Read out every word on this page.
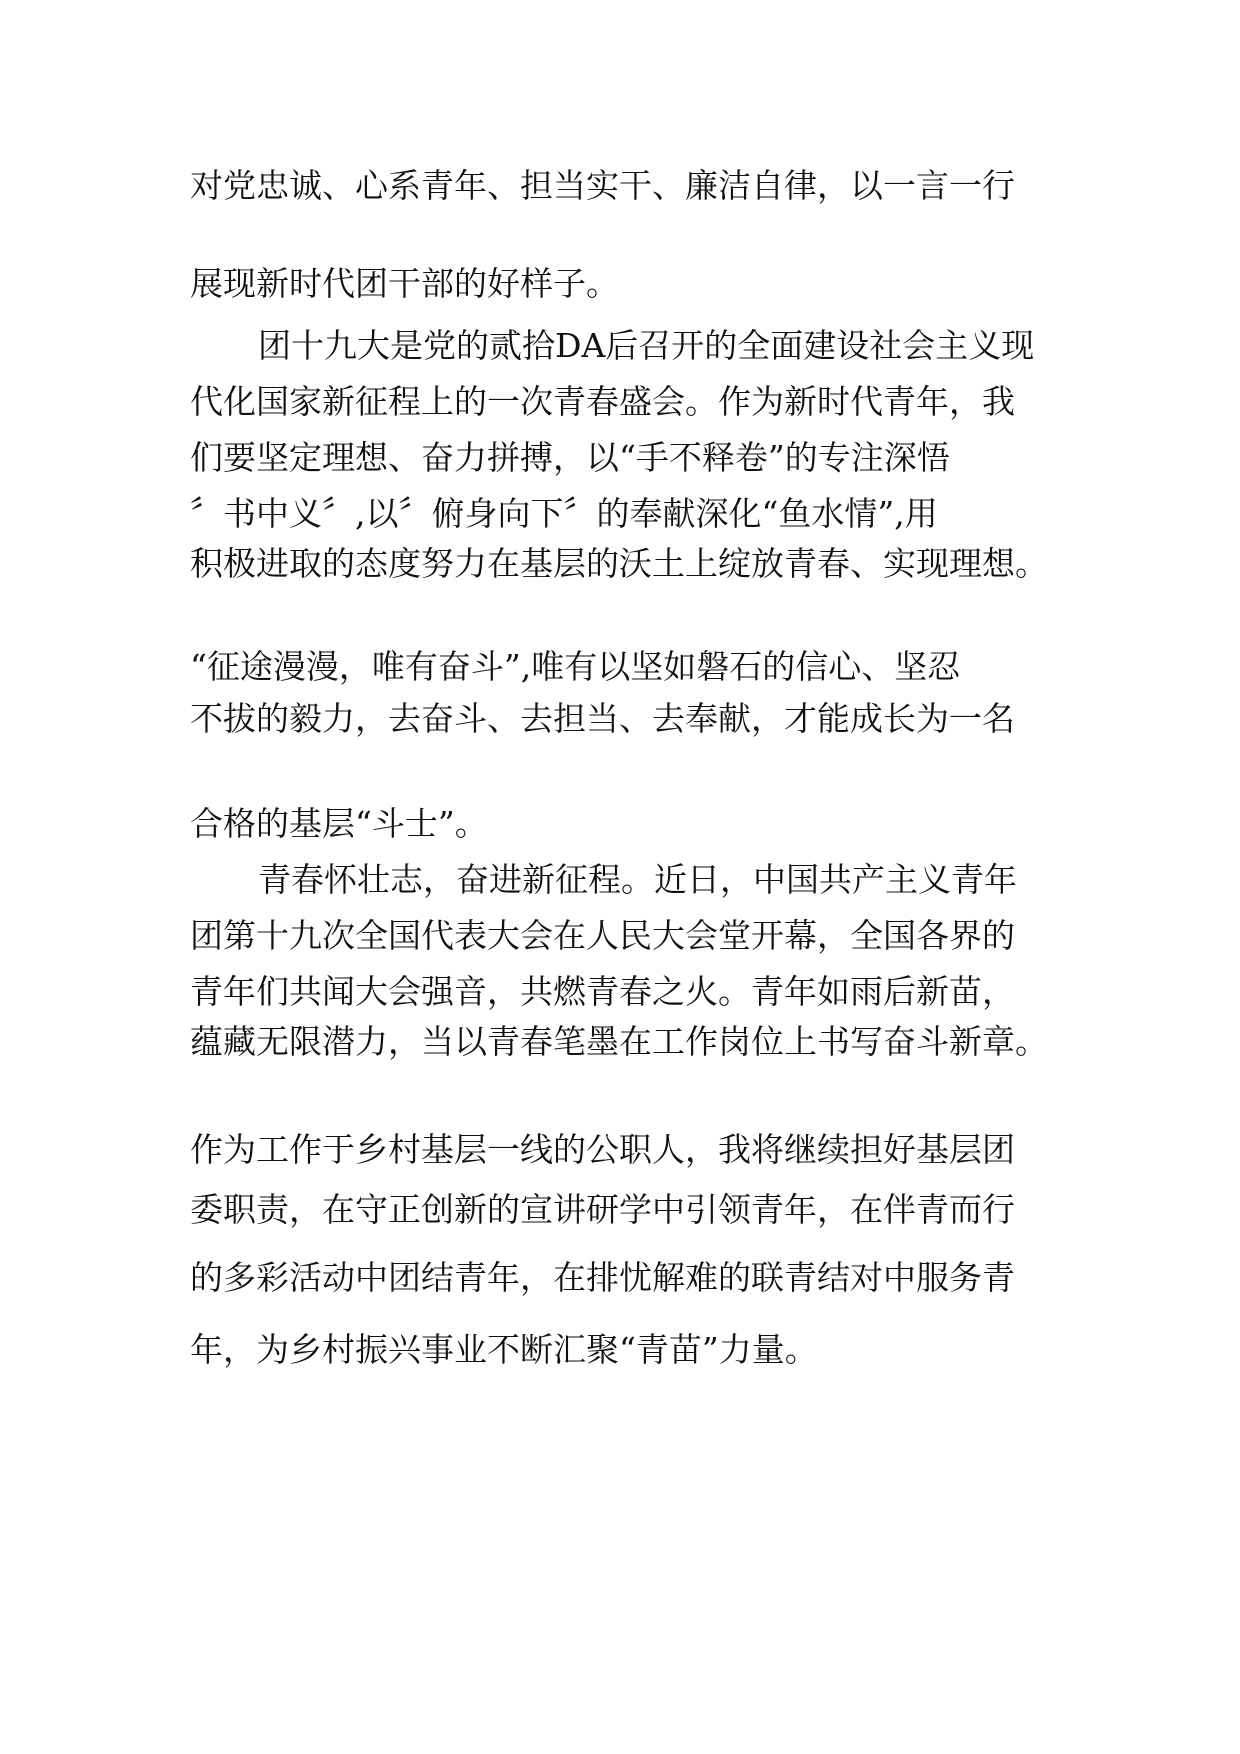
对党忠诚、心系青年、担当实干、廉洁自律，以一言一行

展现新时代团干部的好样子。

团十九大是党的贰拾DA后召开的全面建设社会主义现

代化国家新征程上的一次青春盛会。作为新时代青年，我

们要坚定理想、奋力拼搏，以“手不释卷”的专注深悟

〞书中义〞,以〞俯身向下〞的奉献深化“鱼水情”,用

积极进取的态度努力在基层的沃土上绽放青春、实现理想。

“征途漫漫，唯有奋斗”,唯有以坚如磐石的信心、坚忍

不拔的毅力，去奋斗、去担当、去奉献，才能成长为一名

合格的基层“斗士”。

青春怀壮志，奋进新征程。近日，中国共产主义青年

团第十九次全国代表大会在人民大会堂开幕，全国各界的

青年们共闻大会强音，共燃青春之火。青年如雨后新苗，

蕴藏无限潜力，当以青春笔墨在工作岗位上书写奋斗新章。

作为工作于乡村基层一线的公职人，我将继续担好基层团

委职责，在守正创新的宣讲研学中引领青年，在伴青而行

的多彩活动中团结青年，在排忧解难的联青结对中服务青

年，为乡村振兴事业不断汇聚“青苗”力量。
